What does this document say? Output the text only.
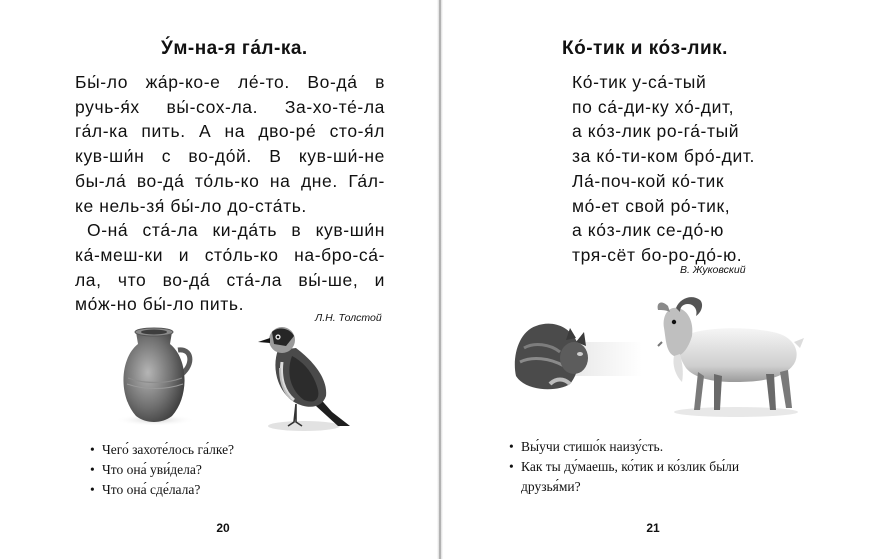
У́м-на-я га́л-ка.
Бы́-ло жа́р-ко-е ле́-то. Во-да́ в
ручь-я́х вы́-сох-ла. За-хо-те́-ла
га́л-ка пить. А на дво-ре́ сто-я́л
кув-ши́н с во-до́й. В кув-ши́-не
бы-ла́ во-да́ то́ль-ко на дне. Га́л-
ке нель-зя́ бы́-ло до-ста́ть.
О-на́ ста́-ла ки-да́ть в кув-ши́н
ка́-меш-ки и сто́ль-ко на-бро-са́-
ла, что во-да́ ста́-ла вы́-ше, и
мо́ж-но бы́-ло пить.
Л.Н. Толстой
• Чего́ захоте́лось га́лке?
• Что она́ уви́дела?
• Что она́ сде́лала?
20
Ко́-тик и ко́з-лик.
Ко́-тик у-са́-тый
по са́-ди-ку хо́-дит,
а ко́з-лик ро-га́-тый
за ко́-ти-ком бро́-дит.
Ла́-поч-кой ко́-тик
мо́-ет свой ро́-тик,
а ко́з-лик се-до́-ю
тря-сёт бо-ро-до́-ю.
В. Жуковский
• Вы́учи стишо́к наизу́сть.
• Как ты ду́маешь, ко́тик и ко́злик бы́ли
друзья́ми?
21
